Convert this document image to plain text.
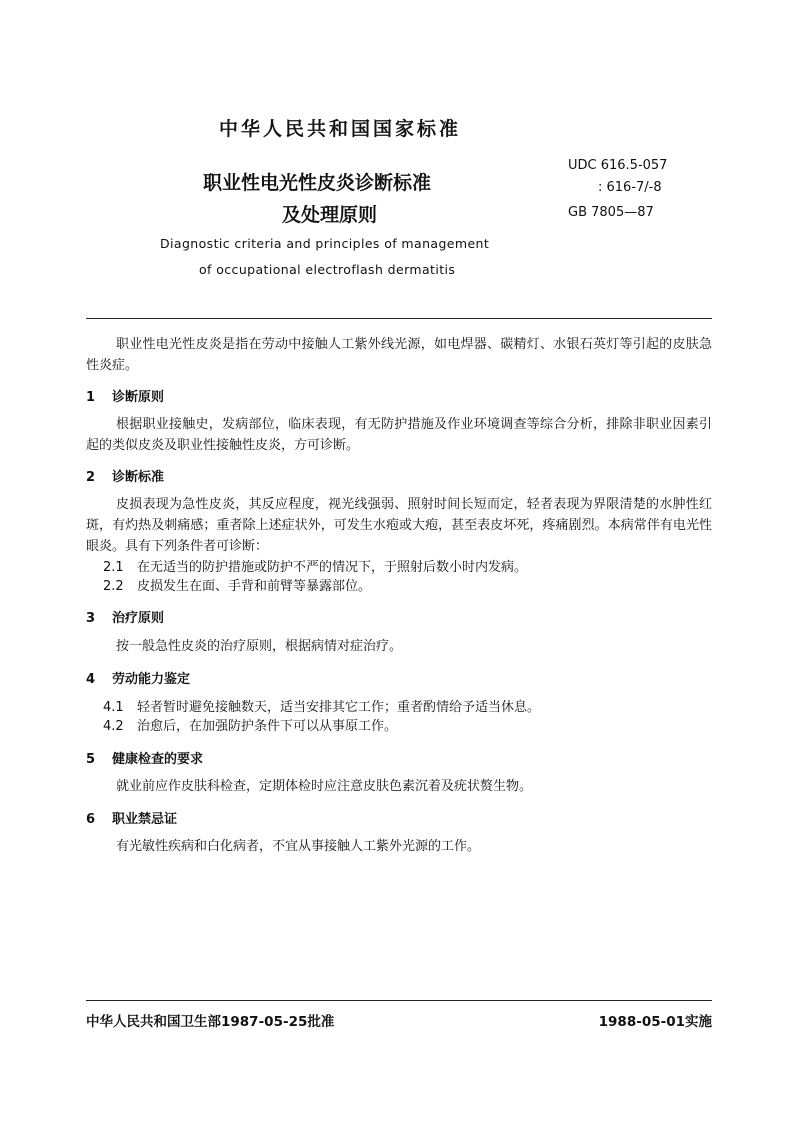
中华人民共和国国家标准
职业性电光性皮炎诊断标准
及处理原则
Diagnostic criteria and principles of management
of occupational electroflash dermatitis
UDC 616.5-057
: 616-7/-8
GB 7805—87

职业性电光性皮炎是指在劳动中接触人工紫外线光源，如电焊器、碳精灯、水银石英灯等引起的皮肤急性炎症。

1 诊断原则

根据职业接触史，发病部位，临床表现，有无防护措施及作业环境调查等综合分析，排除非职业因素引起的类似皮炎及职业性接触性皮炎，方可诊断。

2 诊断标准

皮损表现为急性皮炎，其反应程度，视光线强弱、照射时间长短而定，轻者表现为界限清楚的水肿性红斑，有灼热及刺痛感；重者除上述症状外，可发生水疱或大疱，甚至表皮坏死，疼痛剧烈。本病常伴有电光性眼炎。具有下列条件者可诊断：

2.1 在无适当的防护措施或防护不严的情况下，于照射后数小时内发病。
2.2 皮损发生在面、手背和前臂等暴露部位。
3 治疗原则

按一般急性皮炎的治疗原则，根据病情对症治疗。

4 劳动能力鉴定
4.1 轻者暂时避免接触数天，适当安排其它工作；重者酌情给予适当休息。
4.2 治愈后，在加强防护条件下可以从事原工作。
5 健康检查的要求

就业前应作皮肤科检查，定期体检时应注意皮肤色素沉着及疣状赘生物。

6 职业禁忌证

有光敏性疾病和白化病者，不宜从事接触人工紫外光源的工作。

中华人民共和国卫生部1987-05-25批准	1988-05-01实施
